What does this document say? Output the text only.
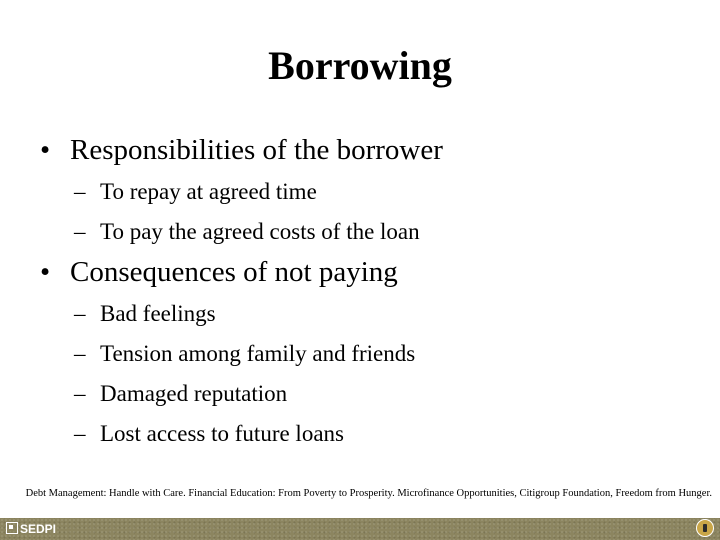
Borrowing
• Responsibilities of the borrower
– To repay at agreed time
– To pay the agreed costs of the loan
• Consequences of not paying
– Bad feelings
– Tension among family and friends
– Damaged reputation
– Lost access to future loans
Debt Management: Handle with Care. Financial Education: From Poverty to Prosperity. Microfinance Opportunities, Citigroup Foundation, Freedom from Hunger.
SEDPI
